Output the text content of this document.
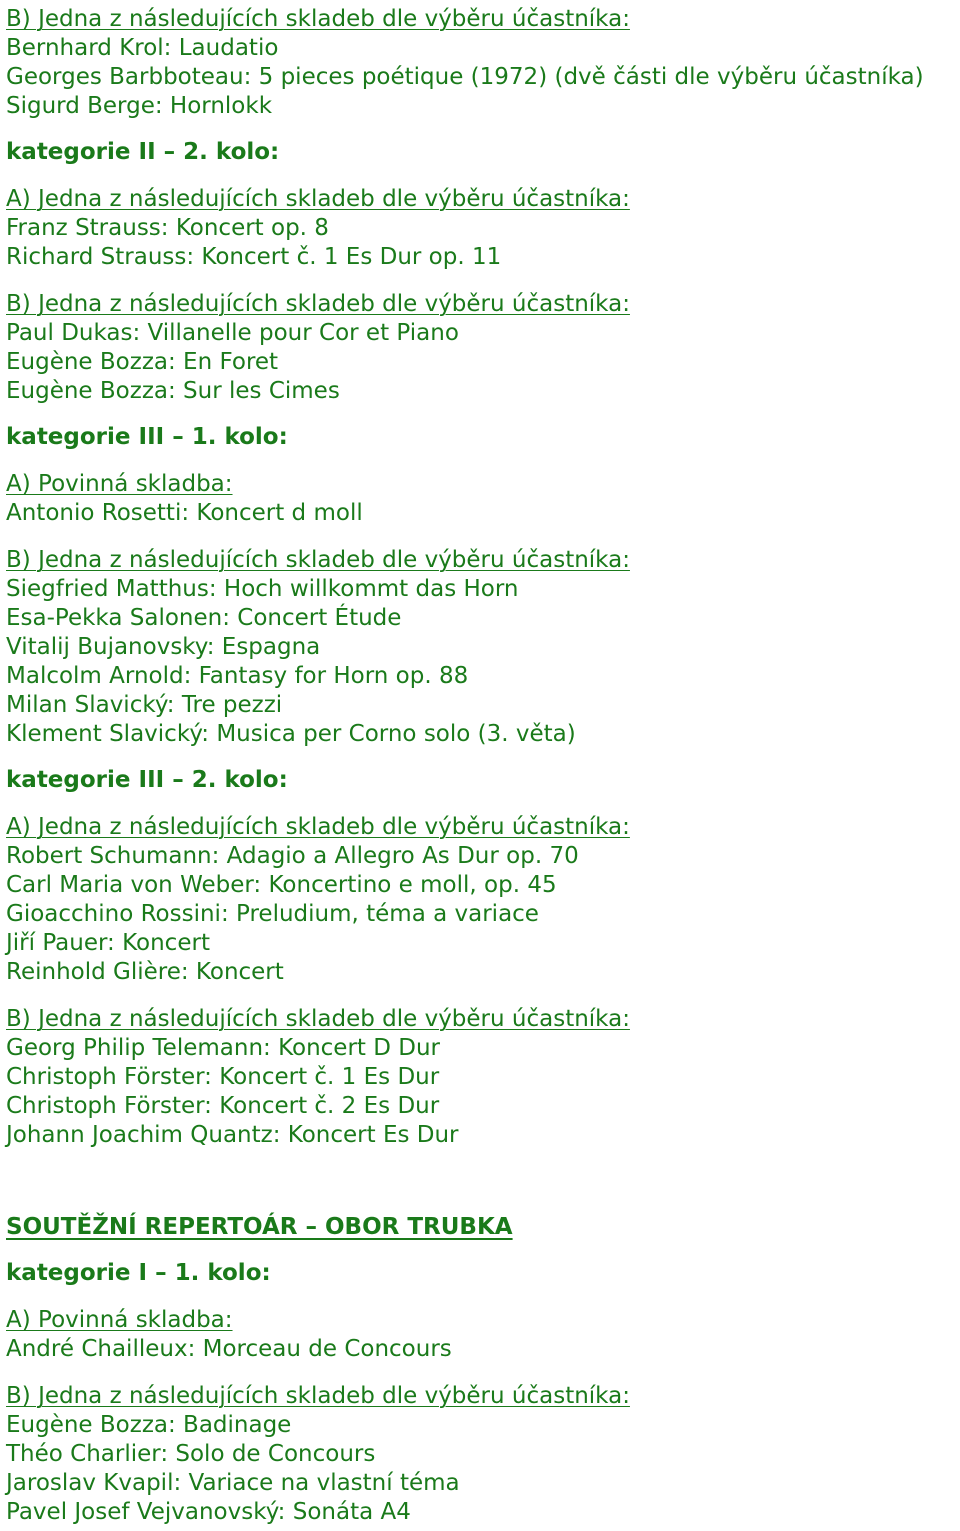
B) Jedna z následujících skladeb dle výběru účastníka:
Bernhard Krol: Laudatio
Georges Barbboteau: 5 pieces poétique (1972) (dvě části dle výběru účastníka)
Sigurd Berge: Hornlokk
kategorie II – 2. kolo:
A) Jedna z následujících skladeb dle výběru účastníka:
Franz Strauss: Koncert op. 8
Richard Strauss: Koncert č. 1 Es Dur op. 11
B) Jedna z následujících skladeb dle výběru účastníka:
Paul Dukas: Villanelle pour Cor et Piano
Eugène Bozza: En Foret
Eugène Bozza: Sur les Cimes
kategorie III – 1. kolo:
A) Povinná skladba:
Antonio Rosetti: Koncert d moll
B) Jedna z následujících skladeb dle výběru účastníka:
Siegfried Matthus: Hoch willkommt das Horn
Esa-Pekka Salonen: Concert Étude
Vitalij Bujanovsky: Espagna
Malcolm Arnold: Fantasy for Horn op. 88
Milan Slavický: Tre pezzi
Klement Slavický: Musica per Corno solo (3. věta)
kategorie III – 2. kolo:
A) Jedna z následujících skladeb dle výběru účastníka:
Robert Schumann: Adagio a Allegro As Dur op. 70
Carl Maria von Weber: Koncertino e moll, op. 45
Gioacchino Rossini: Preludium, téma a variace
Jiří Pauer: Koncert
Reinhold Glière: Koncert
B) Jedna z následujících skladeb dle výběru účastníka:
Georg Philip Telemann: Koncert D Dur
Christoph Förster: Koncert č. 1 Es Dur
Christoph Förster: Koncert č. 2 Es Dur
Johann Joachim Quantz: Koncert Es Dur
SOUTĚŽNÍ REPERTOÁR – OBOR TRUBKA
kategorie I – 1. kolo:
A) Povinná skladba:
André Chailleux: Morceau de Concours
B) Jedna z následujících skladeb dle výběru účastníka:
Eugène Bozza: Badinage
Théo Charlier: Solo de Concours
Jaroslav Kvapil: Variace na vlastní téma
Pavel Josef Vejvanovský: Sonáta A4
